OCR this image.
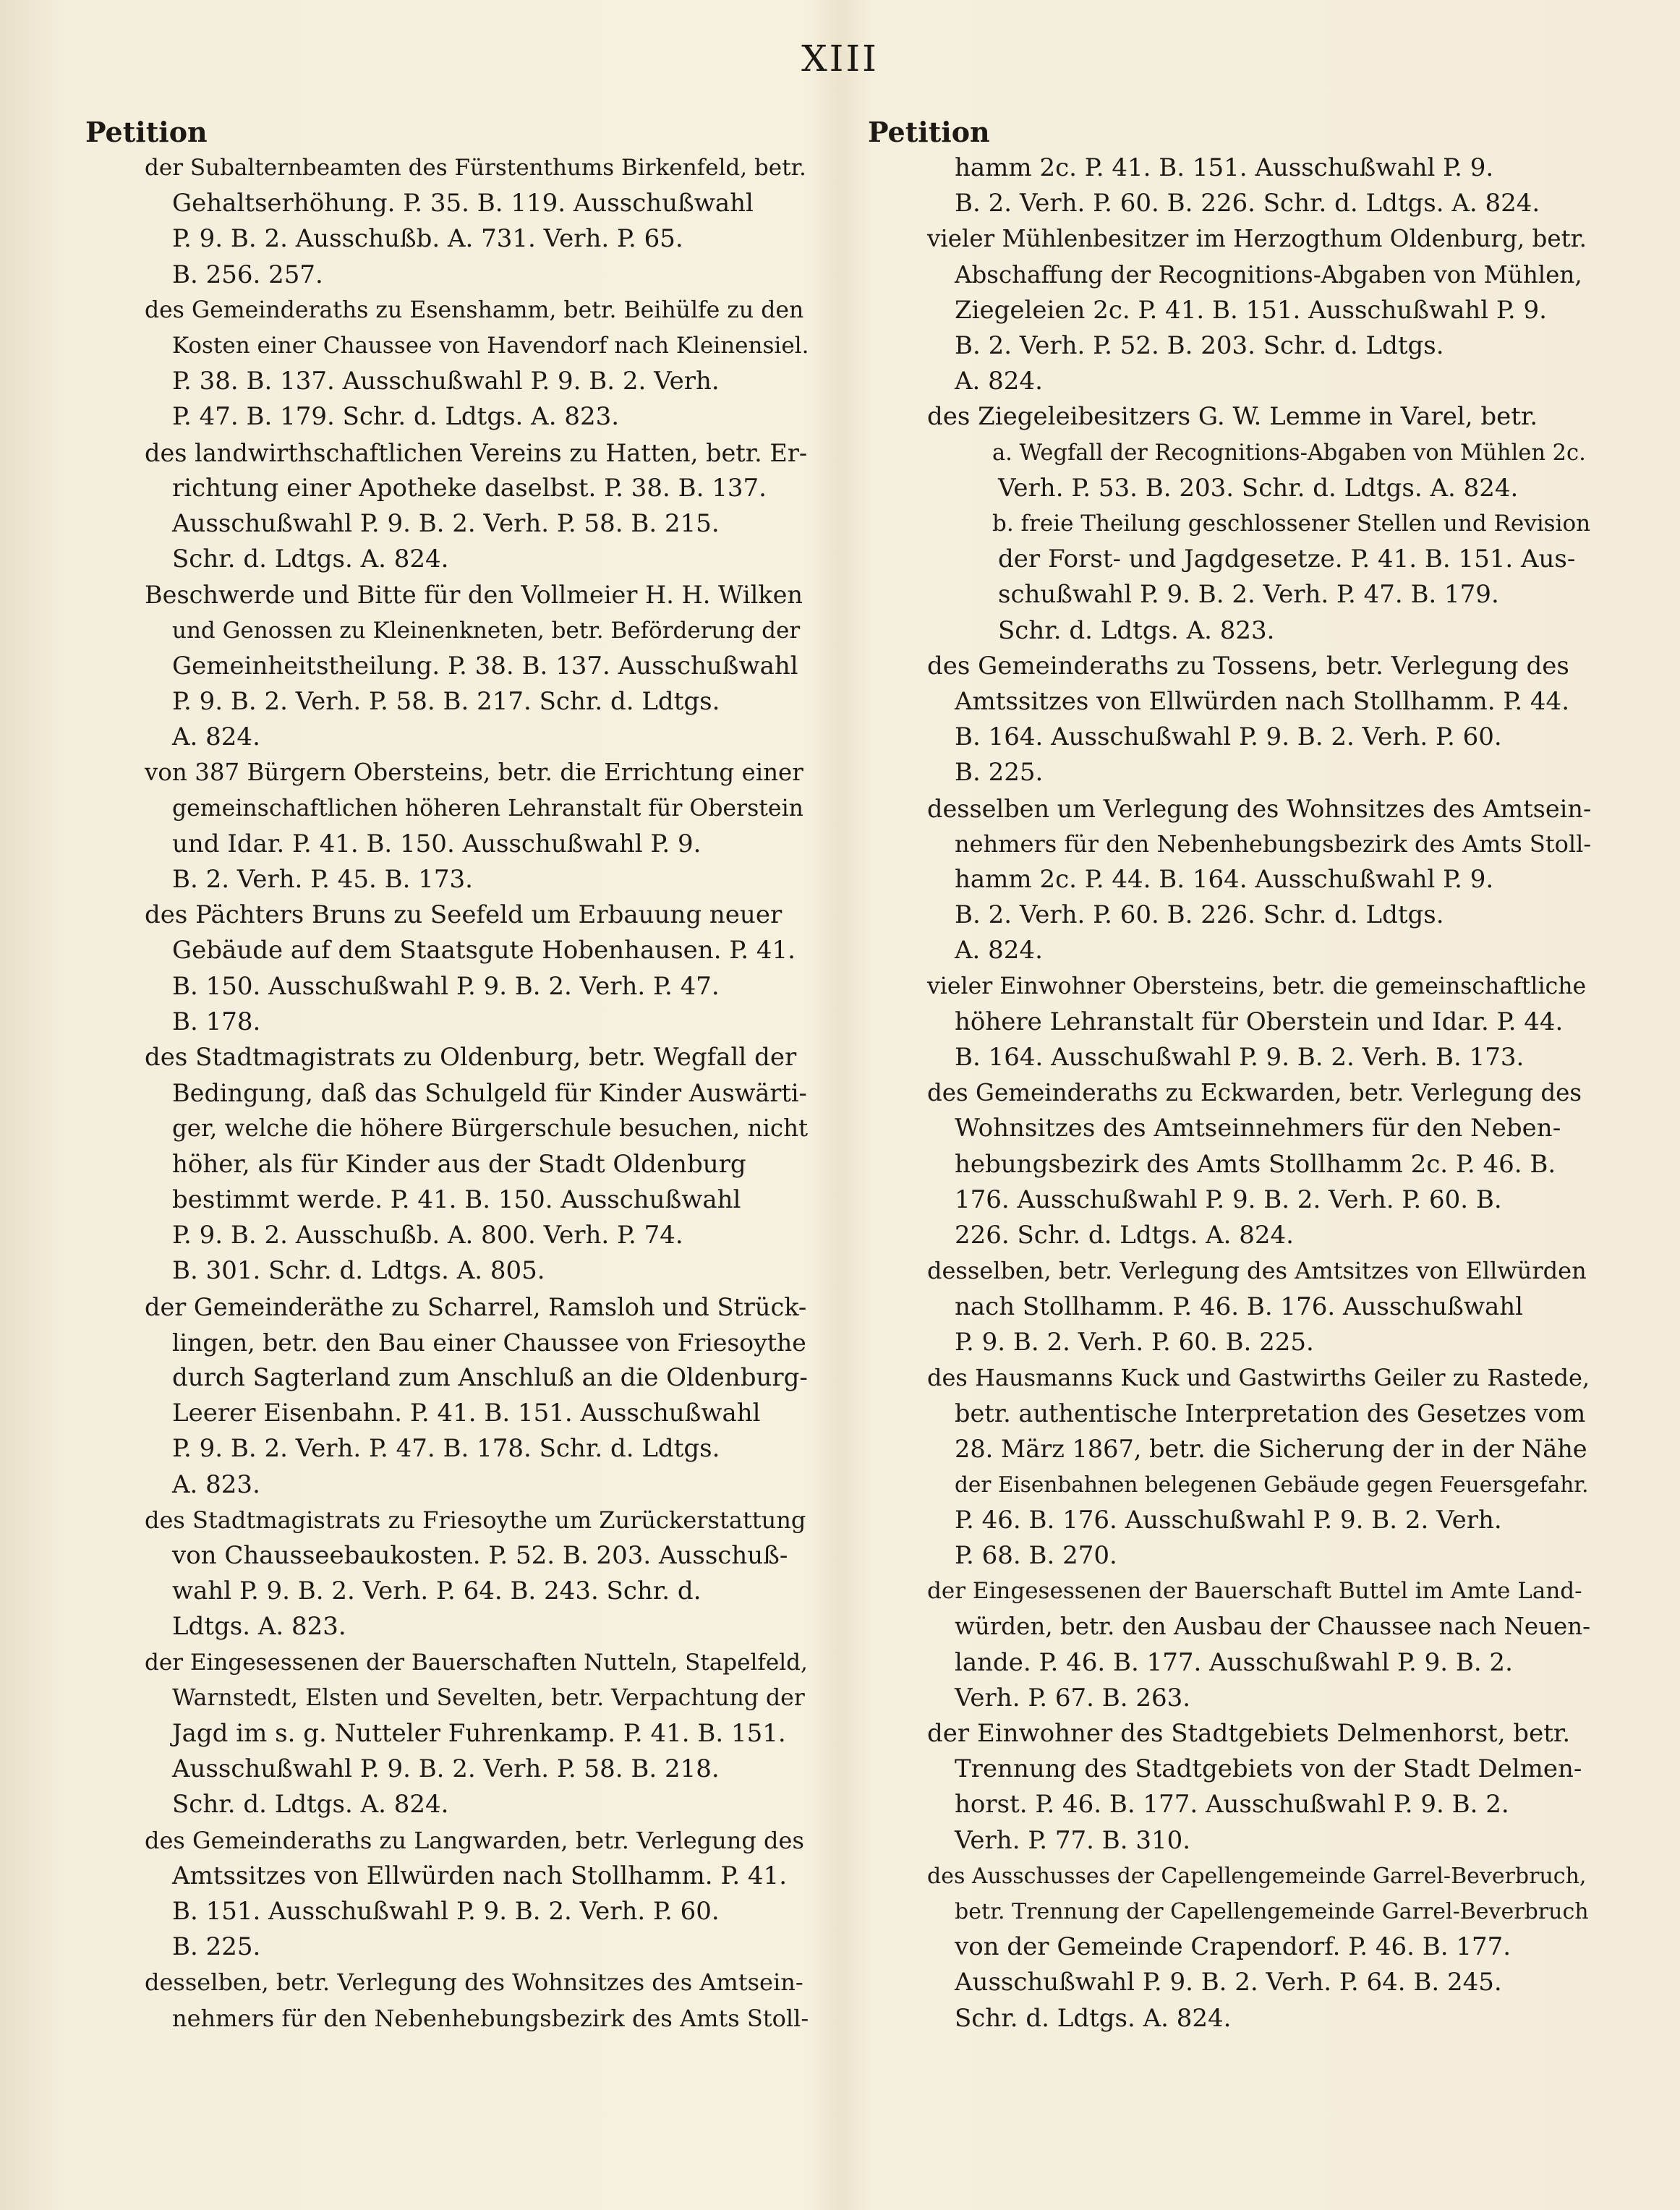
XIII
Petition
der Subalternbeamten des Fürstenthums Birkenfeld, betr.
Gehaltserhöhung. P. 35. B. 119. Ausschußwahl
P. 9. B. 2. Ausschußb. A. 731. Verh. P. 65.
B. 256. 257.
des Gemeinderaths zu Esenshamm, betr. Beihülfe zu den
Kosten einer Chaussee von Havendorf nach Kleinensiel.
P. 38. B. 137. Ausschußwahl P. 9. B. 2. Verh.
P. 47. B. 179. Schr. d. Ldtgs. A. 823.
des landwirthschaftlichen Vereins zu Hatten, betr. Er-
richtung einer Apotheke daselbst. P. 38. B. 137.
Ausschußwahl P. 9. B. 2. Verh. P. 58. B. 215.
Schr. d. Ldtgs. A. 824.
Beschwerde und Bitte für den Vollmeier H. H. Wilken
und Genossen zu Kleinenkneten, betr. Beförderung der
Gemeinheitstheilung. P. 38. B. 137. Ausschußwahl
P. 9. B. 2. Verh. P. 58. B. 217. Schr. d. Ldtgs.
A. 824.
von 387 Bürgern Obersteins, betr. die Errichtung einer
gemeinschaftlichen höheren Lehranstalt für Oberstein
und Idar. P. 41. B. 150. Ausschußwahl P. 9.
B. 2. Verh. P. 45. B. 173.
des Pächters Bruns zu Seefeld um Erbauung neuer
Gebäude auf dem Staatsgute Hobenhausen. P. 41.
B. 150. Ausschußwahl P. 9. B. 2. Verh. P. 47.
B. 178.
des Stadtmagistrats zu Oldenburg, betr. Wegfall der
Bedingung, daß das Schulgeld für Kinder Auswärti-
ger, welche die höhere Bürgerschule besuchen, nicht
höher, als für Kinder aus der Stadt Oldenburg
bestimmt werde. P. 41. B. 150. Ausschußwahl
P. 9. B. 2. Ausschußb. A. 800. Verh. P. 74.
B. 301. Schr. d. Ldtgs. A. 805.
der Gemeinderäthe zu Scharrel, Ramsloh und Strück-
lingen, betr. den Bau einer Chaussee von Friesoythe
durch Sagterland zum Anschluß an die Oldenburg-
Leerer Eisenbahn. P. 41. B. 151. Ausschußwahl
P. 9. B. 2. Verh. P. 47. B. 178. Schr. d. Ldtgs.
A. 823.
des Stadtmagistrats zu Friesoythe um Zurückerstattung
von Chausseebaukosten. P. 52. B. 203. Ausschuß-
wahl P. 9. B. 2. Verh. P. 64. B. 243. Schr. d.
Ldtgs. A. 823.
der Eingesessenen der Bauerschaften Nutteln, Stapelfeld,
Warnstedt, Elsten und Sevelten, betr. Verpachtung der
Jagd im s. g. Nutteler Fuhrenkamp. P. 41. B. 151.
Ausschußwahl P. 9. B. 2. Verh. P. 58. B. 218.
Schr. d. Ldtgs. A. 824.
des Gemeinderaths zu Langwarden, betr. Verlegung des
Amtssitzes von Ellwürden nach Stollhamm. P. 41.
B. 151. Ausschußwahl P. 9. B. 2. Verh. P. 60.
B. 225.
desselben, betr. Verlegung des Wohnsitzes des Amtsein-
nehmers für den Nebenhebungsbezirk des Amts Stoll-
Petition
hamm 2c. P. 41. B. 151. Ausschußwahl P. 9.
B. 2. Verh. P. 60. B. 226. Schr. d. Ldtgs. A. 824.
vieler Mühlenbesitzer im Herzogthum Oldenburg, betr.
Abschaffung der Recognitions-Abgaben von Mühlen,
Ziegeleien 2c. P. 41. B. 151. Ausschußwahl P. 9.
B. 2. Verh. P. 52. B. 203. Schr. d. Ldtgs.
A. 824.
des Ziegeleibesitzers G. W. Lemme in Varel, betr.
a. Wegfall der Recognitions-Abgaben von Mühlen 2c.
Verh. P. 53. B. 203. Schr. d. Ldtgs. A. 824.
b. freie Theilung geschlossener Stellen und Revision
der Forst- und Jagdgesetze. P. 41. B. 151. Aus-
schußwahl P. 9. B. 2. Verh. P. 47. B. 179.
Schr. d. Ldtgs. A. 823.
des Gemeinderaths zu Tossens, betr. Verlegung des
Amtssitzes von Ellwürden nach Stollhamm. P. 44.
B. 164. Ausschußwahl P. 9. B. 2. Verh. P. 60.
B. 225.
desselben um Verlegung des Wohnsitzes des Amtsein-
nehmers für den Nebenhebungsbezirk des Amts Stoll-
hamm 2c. P. 44. B. 164. Ausschußwahl P. 9.
B. 2. Verh. P. 60. B. 226. Schr. d. Ldtgs.
A. 824.
vieler Einwohner Obersteins, betr. die gemeinschaftliche
höhere Lehranstalt für Oberstein und Idar. P. 44.
B. 164. Ausschußwahl P. 9. B. 2. Verh. B. 173.
des Gemeinderaths zu Eckwarden, betr. Verlegung des
Wohnsitzes des Amtseinnehmers für den Neben-
hebungsbezirk des Amts Stollhamm 2c. P. 46. B.
176. Ausschußwahl P. 9. B. 2. Verh. P. 60. B.
226. Schr. d. Ldtgs. A. 824.
desselben, betr. Verlegung des Amtsitzes von Ellwürden
nach Stollhamm. P. 46. B. 176. Ausschußwahl
P. 9. B. 2. Verh. P. 60. B. 225.
des Hausmanns Kuck und Gastwirths Geiler zu Rastede,
betr. authentische Interpretation des Gesetzes vom
28. März 1867, betr. die Sicherung der in der Nähe
der Eisenbahnen belegenen Gebäude gegen Feuersgefahr.
P. 46. B. 176. Ausschußwahl P. 9. B. 2. Verh.
P. 68. B. 270.
der Eingesessenen der Bauerschaft Buttel im Amte Land-
würden, betr. den Ausbau der Chaussee nach Neuen-
lande. P. 46. B. 177. Ausschußwahl P. 9. B. 2.
Verh. P. 67. B. 263.
der Einwohner des Stadtgebiets Delmenhorst, betr.
Trennung des Stadtgebiets von der Stadt Delmen-
horst. P. 46. B. 177. Ausschußwahl P. 9. B. 2.
Verh. P. 77. B. 310.
des Ausschusses der Capellengemeinde Garrel-Beverbruch,
betr. Trennung der Capellengemeinde Garrel-Beverbruch
von der Gemeinde Crapendorf. P. 46. B. 177.
Ausschußwahl P. 9. B. 2. Verh. P. 64. B. 245.
Schr. d. Ldtgs. A. 824.
